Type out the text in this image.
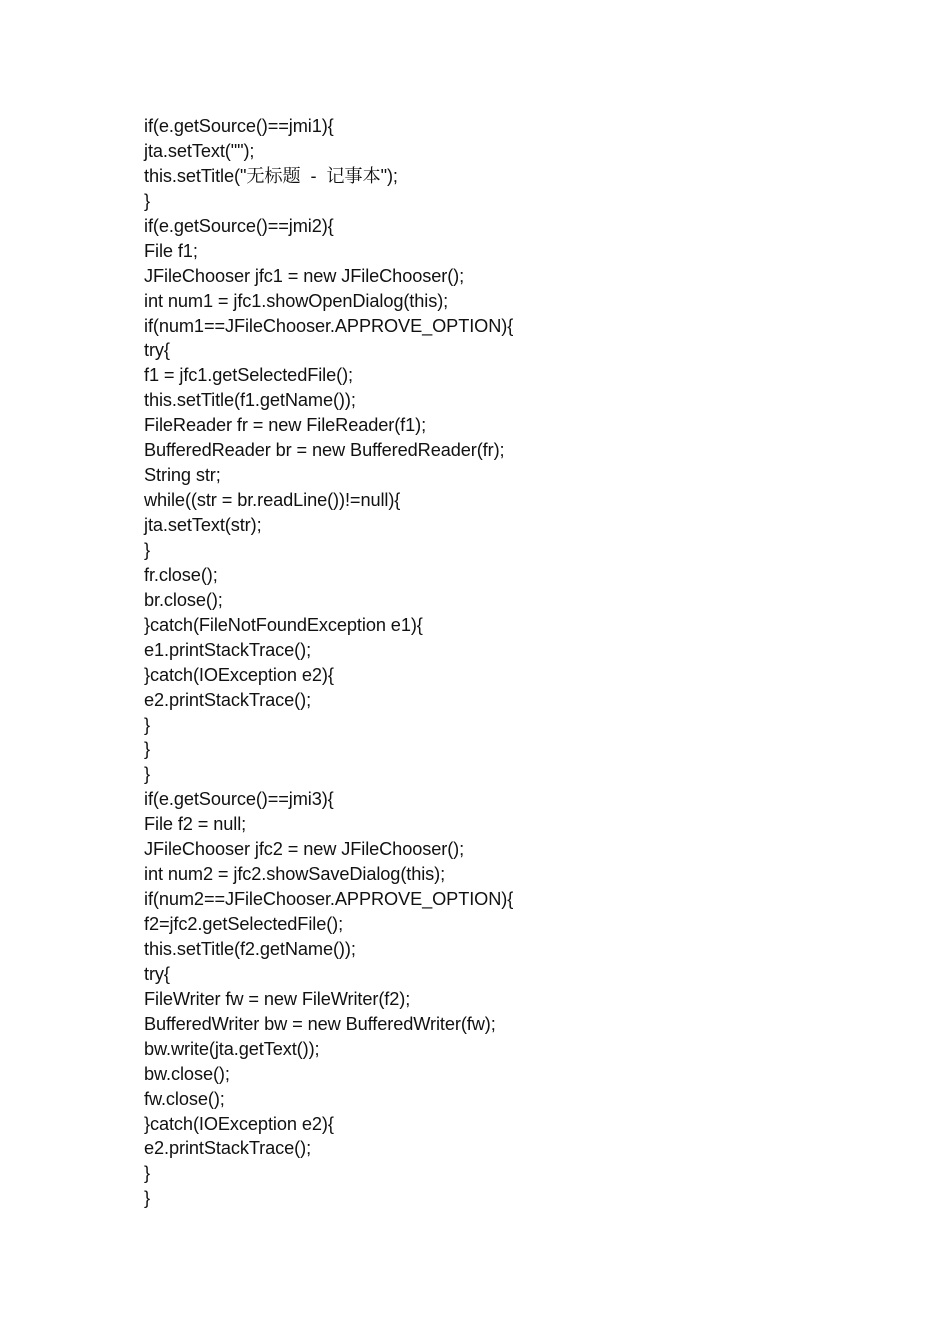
if(e.getSource()==jmi1){
jta.setText("");
this.setTitle("无标题  -  记事本");
}
if(e.getSource()==jmi2){
File f1;
JFileChooser jfc1 = new JFileChooser();
int num1 = jfc1.showOpenDialog(this);
if(num1==JFileChooser.APPROVE_OPTION){
try{
f1 = jfc1.getSelectedFile();
this.setTitle(f1.getName());
FileReader fr = new FileReader(f1);
BufferedReader br = new BufferedReader(fr);
String str;
while((str = br.readLine())!=null){
jta.setText(str);
}
fr.close();
br.close();
}catch(FileNotFoundException e1){
e1.printStackTrace();
}catch(IOException e2){
e2.printStackTrace();
}
}
}
if(e.getSource()==jmi3){
File f2 = null;
JFileChooser jfc2 = new JFileChooser();
int num2 = jfc2.showSaveDialog(this);
if(num2==JFileChooser.APPROVE_OPTION){
f2=jfc2.getSelectedFile();
this.setTitle(f2.getName());
try{
FileWriter fw = new FileWriter(f2);
BufferedWriter bw = new BufferedWriter(fw);
bw.write(jta.getText());
bw.close();
fw.close();
}catch(IOException e2){
e2.printStackTrace();
}
}
